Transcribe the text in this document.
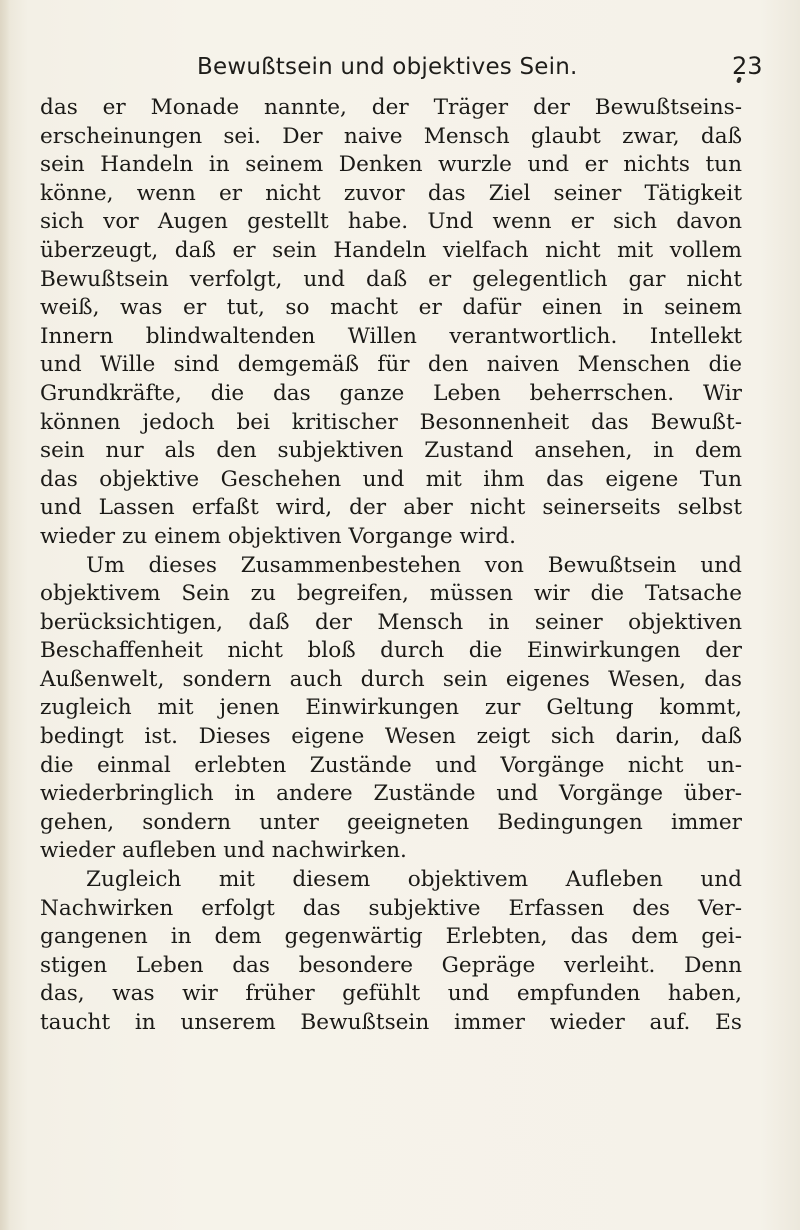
Bewußtsein und objektives Sein.	23
das er Monade nannte, der Träger der Bewußtseins-
erscheinungen sei. Der naive Mensch glaubt zwar, daß
sein Handeln in seinem Denken wurzle und er nichts tun
könne, wenn er nicht zuvor das Ziel seiner Tätigkeit
sich vor Augen gestellt habe. Und wenn er sich davon
überzeugt, daß er sein Handeln vielfach nicht mit vollem
Bewußtsein verfolgt, und daß er gelegentlich gar nicht
weiß, was er tut, so macht er dafür einen in seinem
Innern blindwaltenden Willen verantwortlich. Intellekt
und Wille sind demgemäß für den naiven Menschen die
Grundkräfte, die das ganze Leben beherrschen. Wir
können jedoch bei kritischer Besonnenheit das Bewußt-
sein nur als den subjektiven Zustand ansehen, in dem
das objektive Geschehen und mit ihm das eigene Tun
und Lassen erfaßt wird, der aber nicht seinerseits selbst
wieder zu einem objektiven Vorgange wird.
Um dieses Zusammenbestehen von Bewußtsein und
objektivem Sein zu begreifen, müssen wir die Tatsache
berücksichtigen, daß der Mensch in seiner objektiven
Beschaffenheit nicht bloß durch die Einwirkungen der
Außenwelt, sondern auch durch sein eigenes Wesen, das
zugleich mit jenen Einwirkungen zur Geltung kommt,
bedingt ist. Dieses eigene Wesen zeigt sich darin, daß
die einmal erlebten Zustände und Vorgänge nicht un-
wiederbringlich in andere Zustände und Vorgänge über-
gehen, sondern unter geeigneten Bedingungen immer
wieder aufleben und nachwirken.
Zugleich mit diesem objektivem Aufleben und
Nachwirken erfolgt das subjektive Erfassen des Ver-
gangenen in dem gegenwärtig Erlebten, das dem gei-
stigen Leben das besondere Gepräge verleiht. Denn
das, was wir früher gefühlt und empfunden haben,
taucht in unserem Bewußtsein immer wieder auf. Es
